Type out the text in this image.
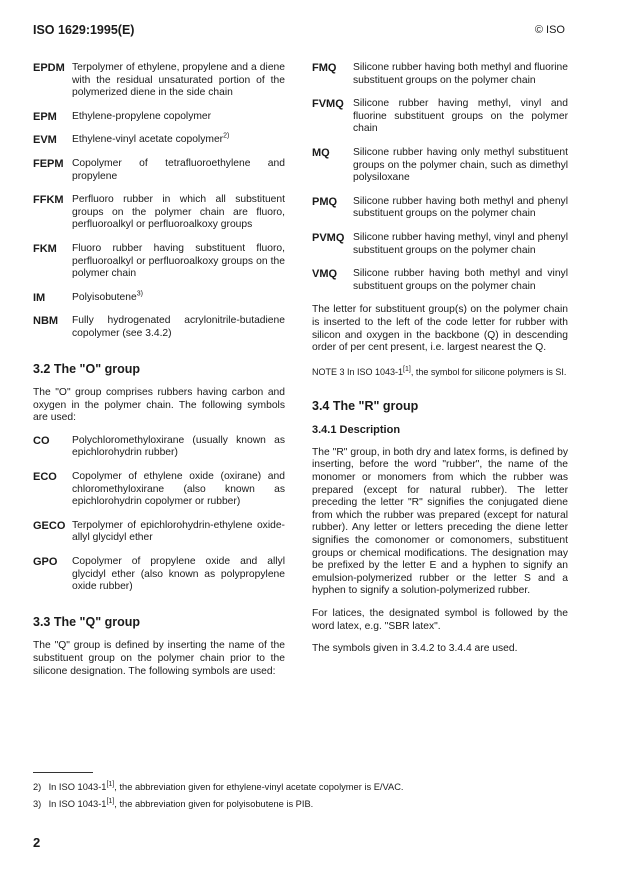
ISO 1629:1995(E)	© ISO
EPDM Terpolymer of ethylene, propylene and a diene with the residual unsaturated portion of the polymerized diene in the side chain
EPM	Ethylene-propylene copolymer
EVM	Ethylene-vinyl acetate copolymer$^{2)}$
FEPM Copolymer of tetrafluoroethylene and propylene
FFKM Perfluoro rubber in which all substituent groups on the polymer chain are fluoro, perfluoroalkyl or perfluoroalkoxy groups
FKM	Fluoro rubber having substituent fluoro, perfluoroalkyl or perfluoroalkoxy groups on the polymer chain
IM	Polyisobutene$^{3)}$
NBM	Fully hydrogenated acrylonitrile-butadiene copolymer (see 3.4.2)
3.2 The "O" group
The "O" group comprises rubbers having carbon and oxygen in the polymer chain. The following symbols are used:
CO	Polychloromethyloxirane (usually known as epichlorohydrin rubber)
ECO	Copolymer of ethylene oxide (oxirane) and chloromethyloxirane (also known as epichlorohydrin copolymer or rubber)
GECO Terpolymer of epichlorohydrin-ethylene oxide-allyl glycidyl ether
GPO	Copolymer of propylene oxide and allyl glycidyl ether (also known as polypropylene oxide rubber)
3.3 The "Q" group
The "Q" group is defined by inserting the name of the substituent group on the polymer chain prior to the silicone designation. The following symbols are used:
FMQ	Silicone rubber having both methyl and fluorine substituent groups on the polymer chain
FVMQ Silicone rubber having methyl, vinyl and fluorine substituent groups on the polymer chain
MQ	Silicone rubber having only methyl substituent groups on the polymer chain, such as dimethyl polysiloxane
PMQ	Silicone rubber having both methyl and phenyl substituent groups on the polymer chain
PVMQ Silicone rubber having methyl, vinyl and phenyl substituent groups on the polymer chain
VMQ	Silicone rubber having both methyl and vinyl substituent groups on the polymer chain
The letter for substituent group(s) on the polymer chain is inserted to the left of the code letter for rubber with silicon and oxygen in the backbone (Q) in descending order of per cent present, i.e. largest nearest the Q.
NOTE 3 In ISO 1043-1[1], the symbol for silicone polymers is SI.
3.4 The "R" group
3.4.1 Description
The "R" group, in both dry and latex forms, is defined by inserting, before the word "rubber", the name of the monomer or monomers from which the rubber was prepared (except for natural rubber). The letter preceding the letter "R" signifies the conjugated diene from which the rubber was prepared (except for natural rubber). Any letter or letters preceding the diene letter signifies the comonomer or comonomers, substituent groups or chemical modifications. The designation may be prefixed by the letter E and a hyphen to signify an emulsion-polymerized rubber or the letter S and a hyphen to signify a solution-polymerized rubber.
For latices, the designated symbol is followed by the word latex, e.g. "SBR latex".
The symbols given in 3.4.2 to 3.4.4 are used.
2) In ISO 1043-1[1], the abbreviation given for ethylene-vinyl acetate copolymer is E/VAC.
3) In ISO 1043-1[1], the abbreviation given for polyisobutene is PIB.
2
